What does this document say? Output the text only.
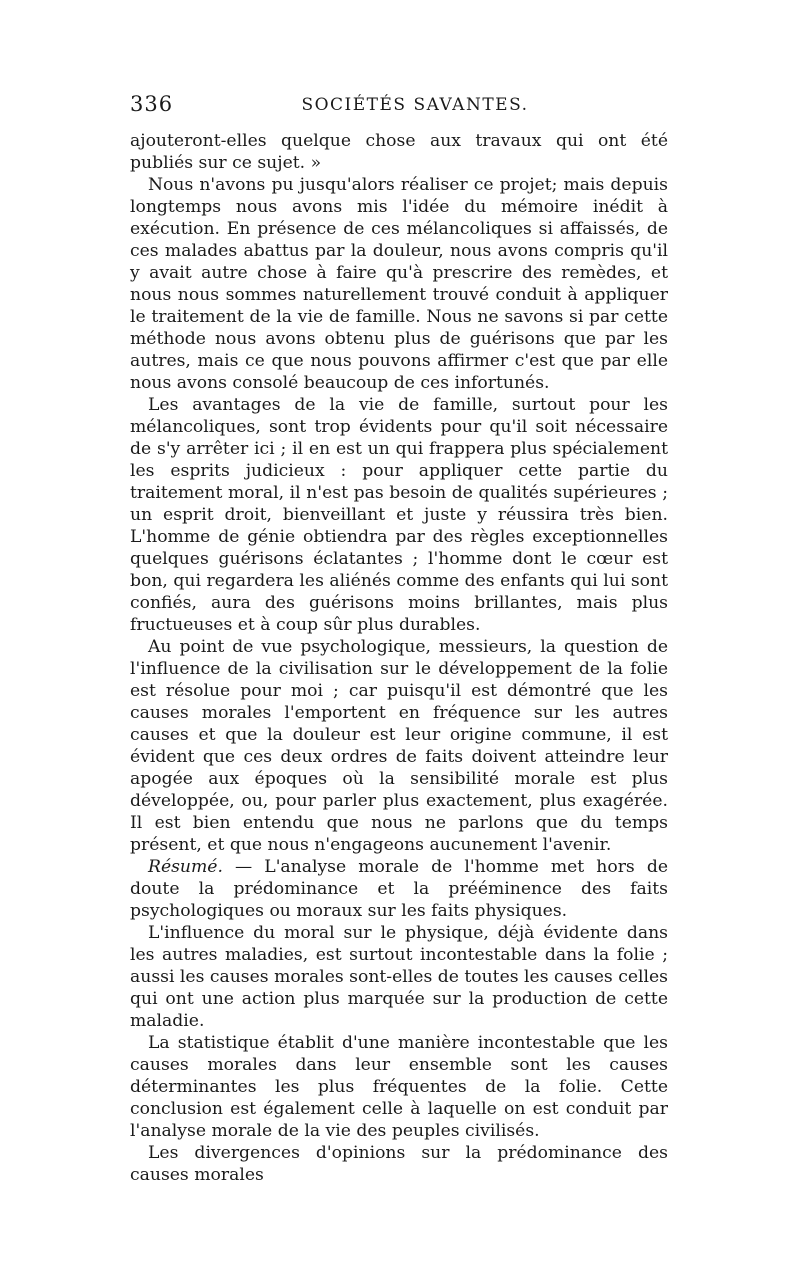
336	SOCIÉTÉS SAVANTES.

ajouteront-elles quelque chose aux travaux qui ont été publiés sur ce sujet. »

Nous n'avons pu jusqu'alors réaliser ce projet; mais depuis longtemps nous avons mis l'idée du mémoire inédit à exécution. En présence de ces mélancoliques si affaissés, de ces malades abattus par la douleur, nous avons compris qu'il y avait autre chose à faire qu'à prescrire des remèdes, et nous nous sommes naturellement trouvé conduit à appliquer le traitement de la vie de famille. Nous ne savons si par cette méthode nous avons obtenu plus de guérisons que par les autres, mais ce que nous pouvons affirmer c'est que par elle nous avons consolé beaucoup de ces infortunés.

Les avantages de la vie de famille, surtout pour les mélancoliques, sont trop évidents pour qu'il soit nécessaire de s'y arrêter ici ; il en est un qui frappera plus spécialement les esprits judicieux : pour appliquer cette partie du traitement moral, il n'est pas besoin de qualités supérieures ; un esprit droit, bienveillant et juste y réussira très bien. L'homme de génie obtiendra par des règles exceptionnelles quelques guérisons éclatantes ; l'homme dont le cœur est bon, qui regardera les aliénés comme des enfants qui lui sont confiés, aura des guérisons moins brillantes, mais plus fructueuses et à coup sûr plus durables.

Au point de vue psychologique, messieurs, la question de l'influence de la civilisation sur le développement de la folie est résolue pour moi ; car puisqu'il est démontré que les causes morales l'emportent en fréquence sur les autres causes et que la douleur est leur origine commune, il est évident que ces deux ordres de faits doivent atteindre leur apogée aux époques où la sensibilité morale est plus développée, ou, pour parler plus exactement, plus exagérée. Il est bien entendu que nous ne parlons que du temps présent, et que nous n'engageons aucunement l'avenir.

Résumé. — L'analyse morale de l'homme met hors de doute la prédominance et la prééminence des faits psychologiques ou moraux sur les faits physiques.

L'influence du moral sur le physique, déjà évidente dans les autres maladies, est surtout incontestable dans la folie ; aussi les causes morales sont-elles de toutes les causes celles qui ont une action plus marquée sur la production de cette maladie.

La statistique établit d'une manière incontestable que les causes morales dans leur ensemble sont les causes déterminantes les plus fréquentes de la folie. Cette conclusion est également celle à laquelle on est conduit par l'analyse morale de la vie des peuples civilisés.

Les divergences d'opinions sur la prédominance des causes morales
